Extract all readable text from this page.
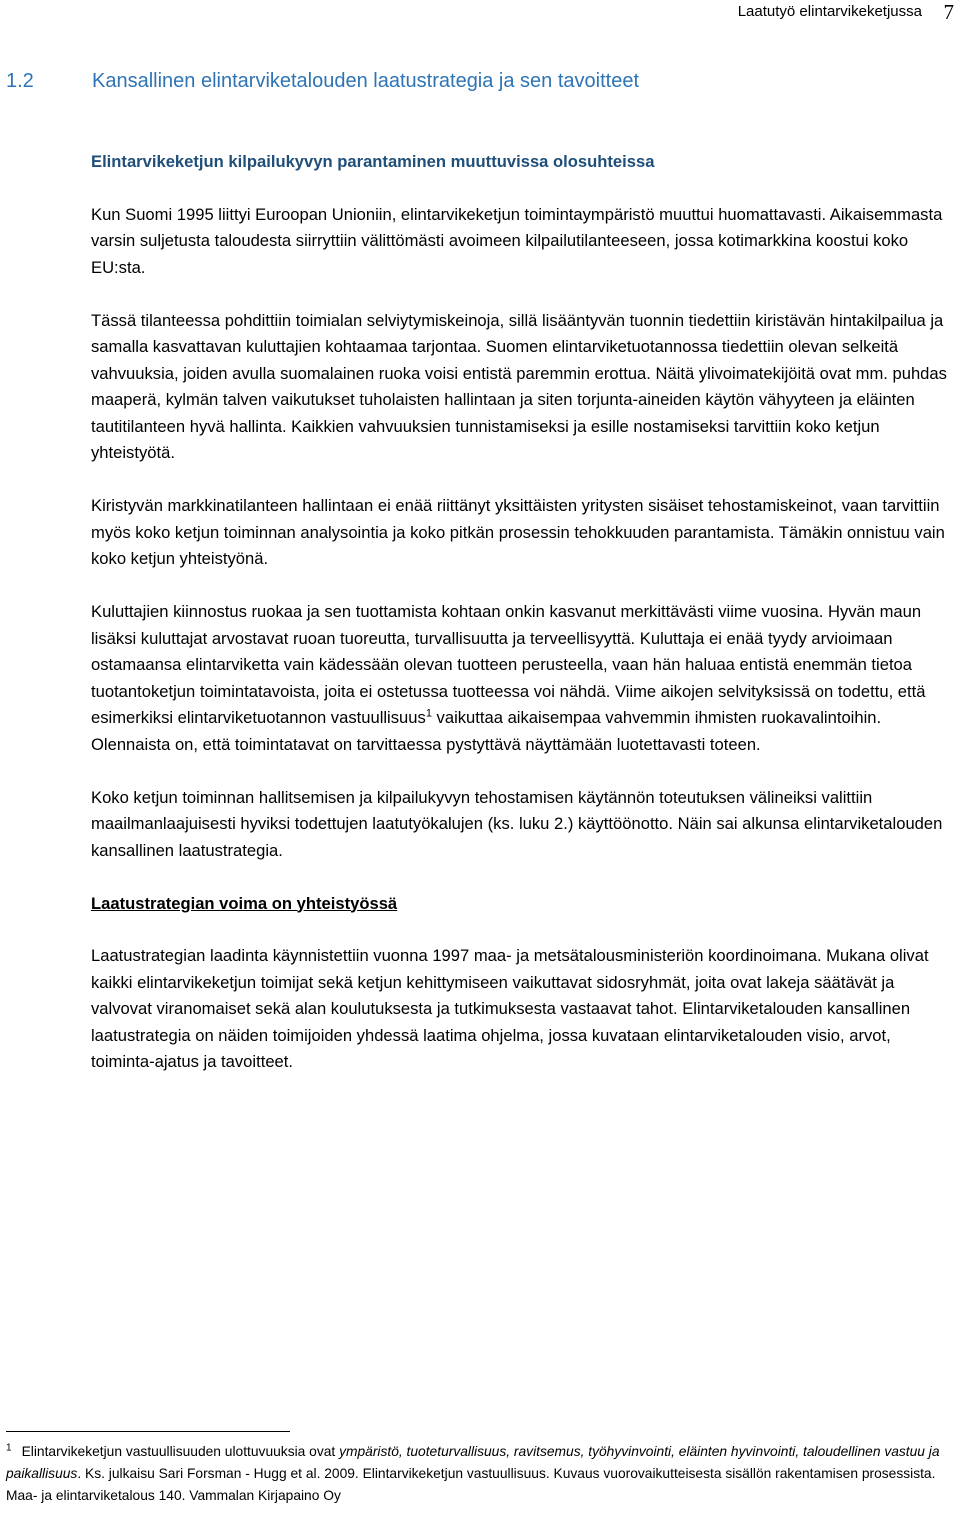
Laatutyö elintarvikeketjussa 7
1.2	Kansallinen elintarviketalouden laatustrategia ja sen tavoitteet
Elintarvikeketjun kilpailukyvyn parantaminen muuttuvissa olosuhteissa

Kun Suomi 1995 liittyi Euroopan Unioniin, elintarvikeketjun toimintaympäristö muuttui huomattavasti. Aikaisemmasta varsin suljetusta taloudesta siirryttiin välittömästi avoimeen kilpailutilanteeseen, jossa kotimarkkina koostui koko EU:sta.

Tässä tilanteessa pohdittiin toimialan selviytymiskeinoja, sillä lisääntyvän tuonnin tiedettiin kiristävän hintakilpailua ja samalla kasvattavan kuluttajien kohtaamaa tarjontaa. Suomen elintarviketuotannossa tiedettiin olevan selkeitä vahvuuksia, joiden avulla suomalainen ruoka voisi entistä paremmin erottua. Näitä ylivoimatekijöitä ovat mm. puhdas maaperä, kylmän talven vaikutukset tuholaisten hallintaan ja siten torjunta-aineiden käytön vähyyteen ja eläinten tautitilanteen hyvä hallinta. Kaikkien vahvuuksien tunnistamiseksi ja esille nostamiseksi tarvittiin koko ketjun yhteistyötä.

Kiristyvän markkinatilanteen hallintaan ei enää riittänyt yksittäisten yritysten sisäiset tehostamiskeinot, vaan tarvittiin myös koko ketjun toiminnan analysointia ja koko pitkän prosessin tehokkuuden parantamista. Tämäkin onnistuu vain koko ketjun yhteistyönä.

Kuluttajien kiinnostus ruokaa ja sen tuottamista kohtaan onkin kasvanut merkittävästi viime vuosina. Hyvän maun lisäksi kuluttajat arvostavat ruoan tuoreutta, turvallisuutta ja terveellisyyttä. Kuluttaja ei enää tyydy arvioimaan ostamaansa elintarviketta vain kädessään olevan tuotteen perusteella, vaan hän haluaa entistä enemmän tietoa tuotantoketjun toimintatavoista, joita ei ostetussa tuotteessa voi nähdä. Viime aikojen selvityksissä on todettu, että esimerkiksi elintarviketuotannon vastuullisuus$^1$ vaikuttaa aikaisempaa vahvemmin ihmisten ruokavalintoihin. Olennaista on, että toimintatavat on tarvittaessa pystyttävä näyttämään luotettavasti toteen.

Koko ketjun toiminnan hallitsemisen ja kilpailukyvyn tehostamisen käytännön toteutuksen välineiksi valittiin maailmanlaajuisesti hyviksi todettujen laatutyökalujen (ks. luku 2.) käyttöönotto. Näin sai alkunsa elintarviketalouden kansallinen laatustrategia.

Laatustrategian voima on yhteistyössä

Laatustrategian laadinta käynnistettiin vuonna 1997 maa- ja metsätalousministeriön koordinoimana. Mukana olivat kaikki elintarvikeketjun toimijat sekä ketjun kehittymiseen vaikuttavat sidosryhmät, joita ovat lakeja säätävät ja valvovat viranomaiset sekä alan koulutuksesta ja tutkimuksesta vastaavat tahot. Elintarviketalouden kansallinen laatustrategia on näiden toimijoiden yhdessä laatima ohjelma, jossa kuvataan elintarviketalouden visio, arvot, toiminta-ajatus ja tavoitteet.

$^1$ Elintarvikeketjun vastuullisuuden ulottuvuuksia ovat ympäristö, tuoteturvallisuus, ravitsemus, työhyvinvointi, eläinten hyvinvointi, taloudellinen vastuu ja paikallisuus. Ks. julkaisu Sari Forsman - Hugg et al. 2009. Elintarvikeketjun vastuullisuus. Kuvaus vuorovaikutteisesta sisällön rakentamisen prosessista. Maa- ja elintarviketalous 140. Vammalan Kirjapaino Oy
